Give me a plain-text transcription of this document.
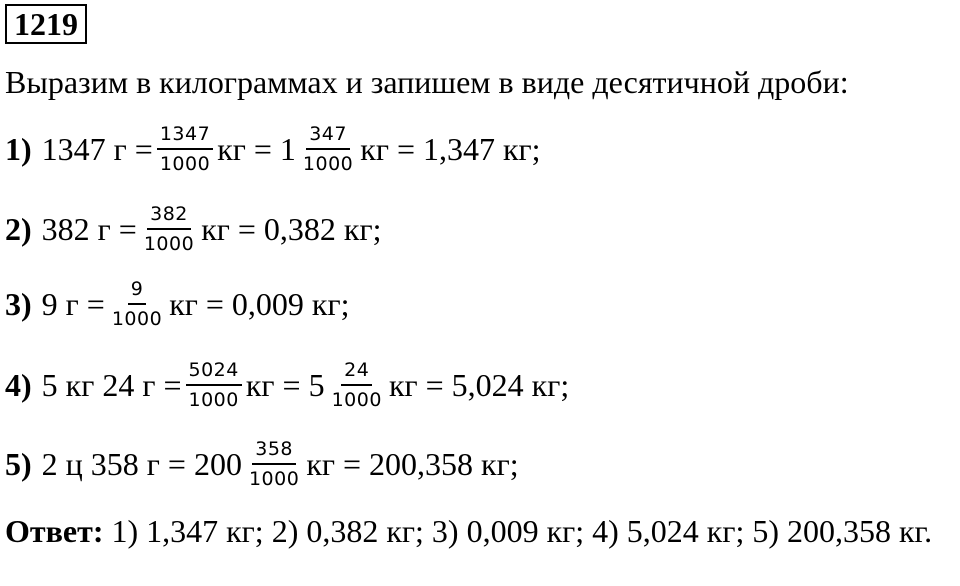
1219
Выразим в килограммах и запишем в виде десятичной дроби:
1) 1347 $г = \frac{1347}{1000}$ кг = $1 \frac{347}{1000}$ кг = 1,347 кг;
2) 382 $г = \frac{382}{1000}$ кг = 0,382 кг;
3) 9 $г = \frac{9}{1000}$ кг = 0,009 кг;
4) 5 кг 24 $г = \frac{5024}{1000}$ кг = $5 \frac{24}{1000}$ кг = 5,024 кг;
5) 2 ц 358 $г = 200 \frac{358}{1000}$ кг = 200,358 кг;
Ответ: 1) 1,347 кг; 2) 0,382 кг; 3) 0,009 кг; 4) 5,024 кг; 5) 200,358 кг.
